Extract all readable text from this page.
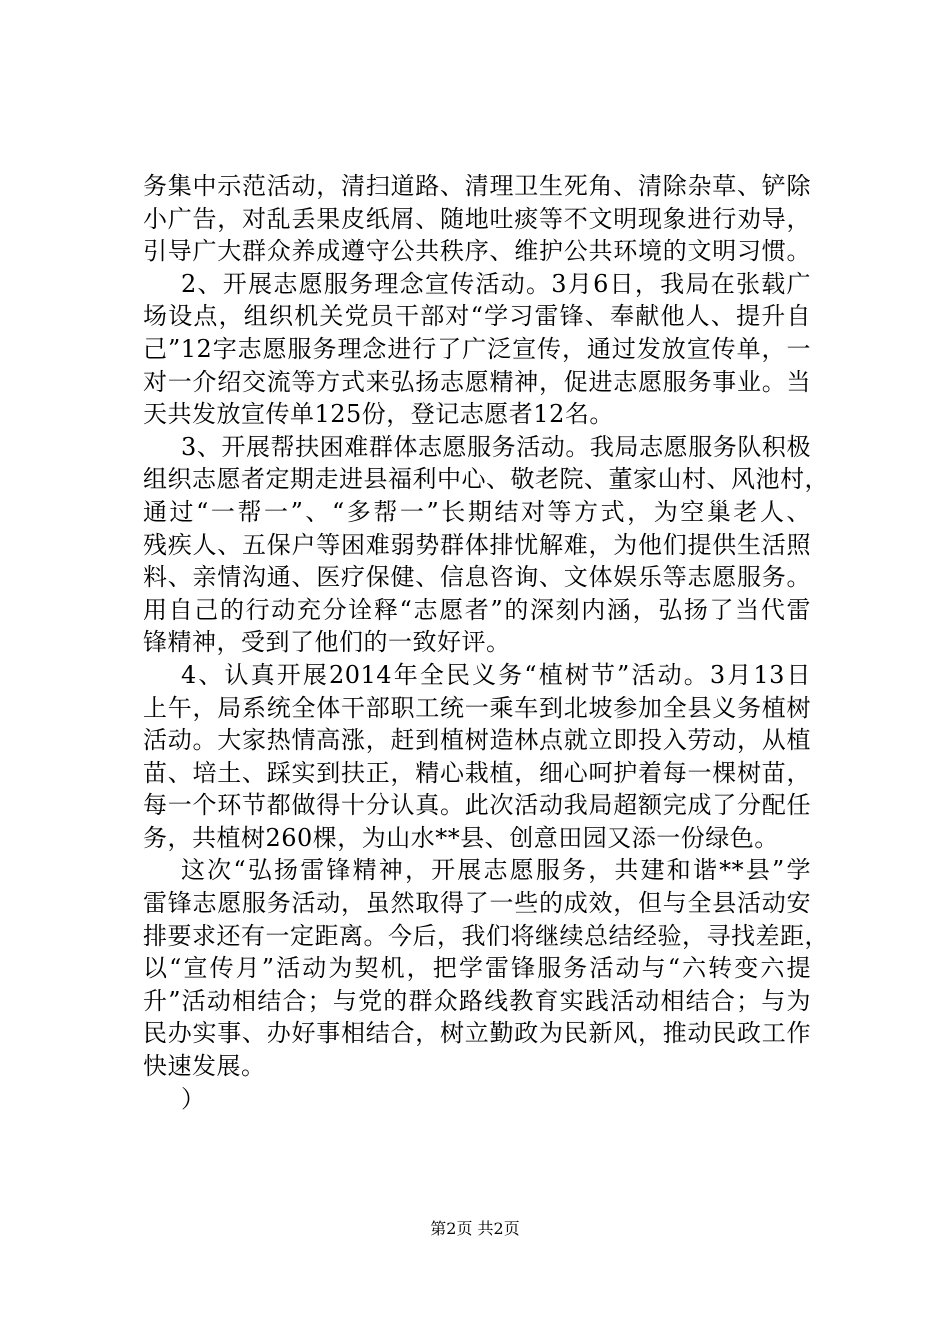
务集中示范活动，清扫道路、清理卫生死角、清除杂草、铲除
小广告，对乱丢果皮纸屑、随地吐痰等不文明现象进行劝导，
引导广大群众养成遵守公共秩序、维护公共环境的文明习惯。
2、开展志愿服务理念宣传活动。3月6日，我局在张载广
场设点，组织机关党员干部对“学习雷锋、奉献他人、提升自
己”12字志愿服务理念进行了广泛宣传，通过发放宣传单，一
对一介绍交流等方式来弘扬志愿精神，促进志愿服务事业。当
天共发放宣传单125份，登记志愿者12名。
3、开展帮扶困难群体志愿服务活动。我局志愿服务队积极
组织志愿者定期走进县福利中心、敬老院、董家山村、风池村，
通过“一帮一”、“多帮一”长期结对等方式，为空巢老人、
残疾人、五保户等困难弱势群体排忧解难，为他们提供生活照
料、亲情沟通、医疗保健、信息咨询、文体娱乐等志愿服务。
用自己的行动充分诠释“志愿者”的深刻内涵，弘扬了当代雷
锋精神，受到了他们的一致好评。
4、认真开展2014年全民义务“植树节”活动。3月13日
上午，局系统全体干部职工统一乘车到北坡参加全县义务植树
活动。大家热情高涨，赶到植树造林点就立即投入劳动，从植
苗、培土、踩实到扶正，精心栽植，细心呵护着每一棵树苗，
每一个环节都做得十分认真。此次活动我局超额完成了分配任
务，共植树260棵，为山水**县、创意田园又添一份绿色。
这次“弘扬雷锋精神，开展志愿服务，共建和谐**县”学
雷锋志愿服务活动，虽然取得了一些的成效，但与全县活动安
排要求还有一定距离。今后，我们将继续总结经验，寻找差距，
以“宣传月”活动为契机，把学雷锋服务活动与“六转变六提
升”活动相结合；与党的群众路线教育实践活动相结合；与为
民办实事、办好事相结合，树立勤政为民新风，推动民政工作
快速发展。
）
第2页 共2页
